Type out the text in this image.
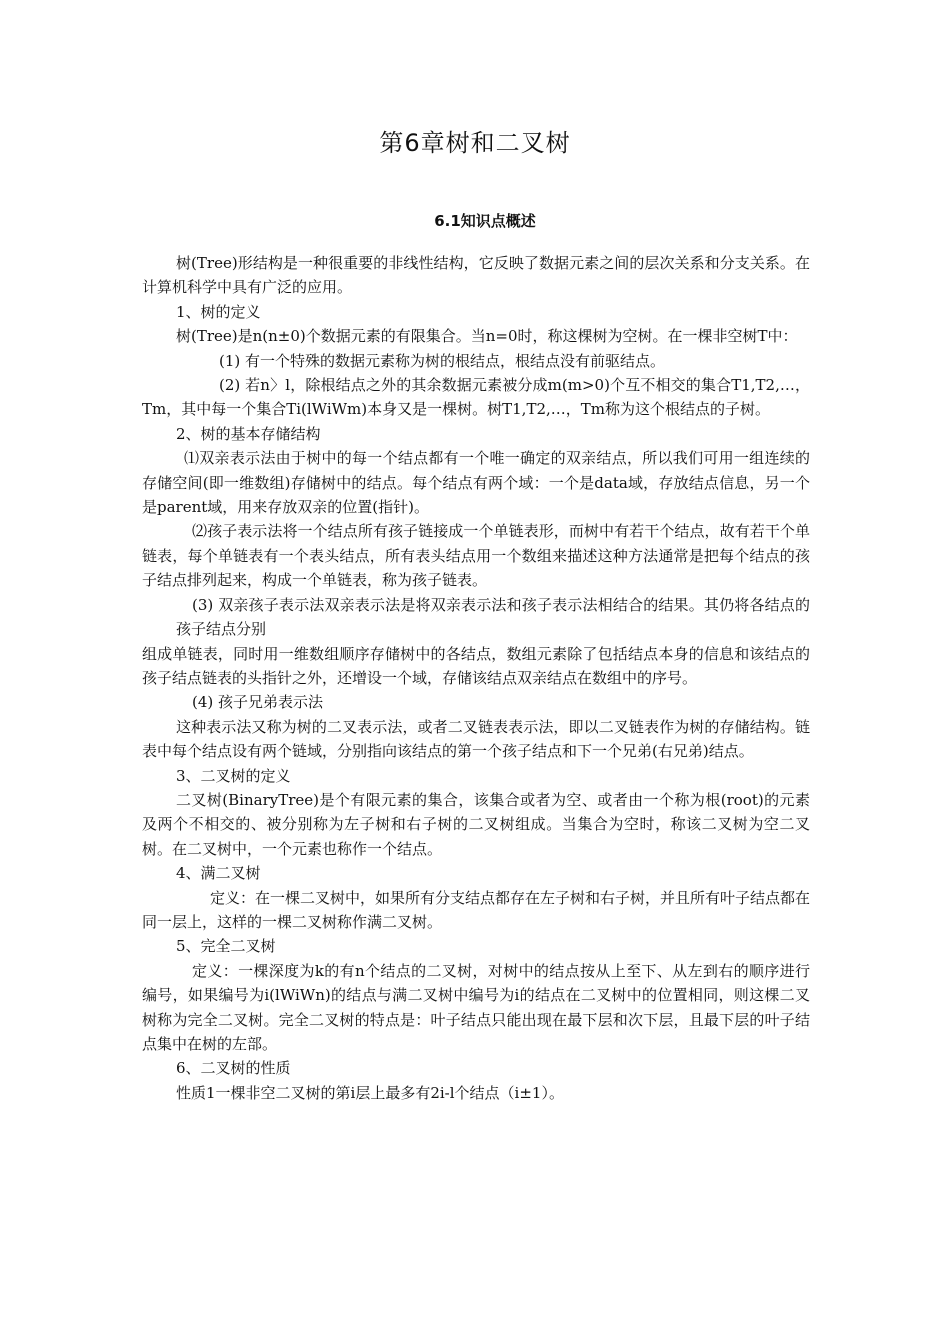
第6章树和二叉树
6.1知识点概述

树(Tree)形结构是一种很重要的非线性结构，它反映了数据元素之间的层次关系和分支关系。在计算机科学中具有广泛的应用。

1、树的定义

树(Tree)是n(n±0)个数据元素的有限集合。当n=0时，称这棵树为空树。在一棵非空树T中：

(1) 有一个特殊的数据元素称为树的根结点，根结点没有前驱结点。

(2) 若n〉l，除根结点之外的其余数据元素被分成m(m>0)个互不相交的集合T1,T2,…，Tm，其中每一个集合Ti(lWiWm)本身又是一棵树。树T1,T2,…，Tm称为这个根结点的子树。

2、树的基本存储结构

⑴双亲表示法由于树中的每一个结点都有一个唯一确定的双亲结点，所以我们可用一组连续的存储空间(即一维数组)存储树中的结点。每个结点有两个域：一个是data域，存放结点信息，另一个是parent域，用来存放双亲的位置(指针)。

⑵孩子表示法将一个结点所有孩子链接成一个单链表形，而树中有若干个结点，故有若干个单链表，每个单链表有一个表头结点，所有表头结点用一个数组来描述这种方法通常是把每个结点的孩子结点排列起来，构成一个单链表，称为孩子链表。

(3) 双亲孩子表示法双亲表示法是将双亲表示法和孩子表示法相结合的结果。其仍将各结点的孩子结点分别

组成单链表，同时用一维数组顺序存储树中的各结点，数组元素除了包括结点本身的信息和该结点的孩子结点链表的头指针之外，还增设一个域，存储该结点双亲结点在数组中的序号。

(4) 孩子兄弟表示法

这种表示法又称为树的二叉表示法，或者二叉链表表示法，即以二叉链表作为树的存储结构。链表中每个结点设有两个链域，分别指向该结点的第一个孩子结点和下一个兄弟(右兄弟)结点。

3、二叉树的定义

二叉树(BinaryTree)是个有限元素的集合，该集合或者为空、或者由一个称为根(root)的元素及两个不相交的、被分别称为左子树和右子树的二叉树组成。当集合为空时，称该二叉树为空二叉树。在二叉树中，一个元素也称作一个结点。

4、满二叉树

定义：在一棵二叉树中，如果所有分支结点都存在左子树和右子树，并且所有叶子结点都在同一层上，这样的一棵二叉树称作满二叉树。

5、完全二叉树

定义：一棵深度为k的有n个结点的二叉树，对树中的结点按从上至下、从左到右的顺序进行编号，如果编号为i(lWiWn)的结点与满二叉树中编号为i的结点在二叉树中的位置相同，则这棵二叉树称为完全二叉树。完全二叉树的特点是：叶子结点只能出现在最下层和次下层，且最下层的叶子结点集中在树的左部。

6、二叉树的性质

性质1一棵非空二叉树的第i层上最多有2i-l个结点（i±1）。
